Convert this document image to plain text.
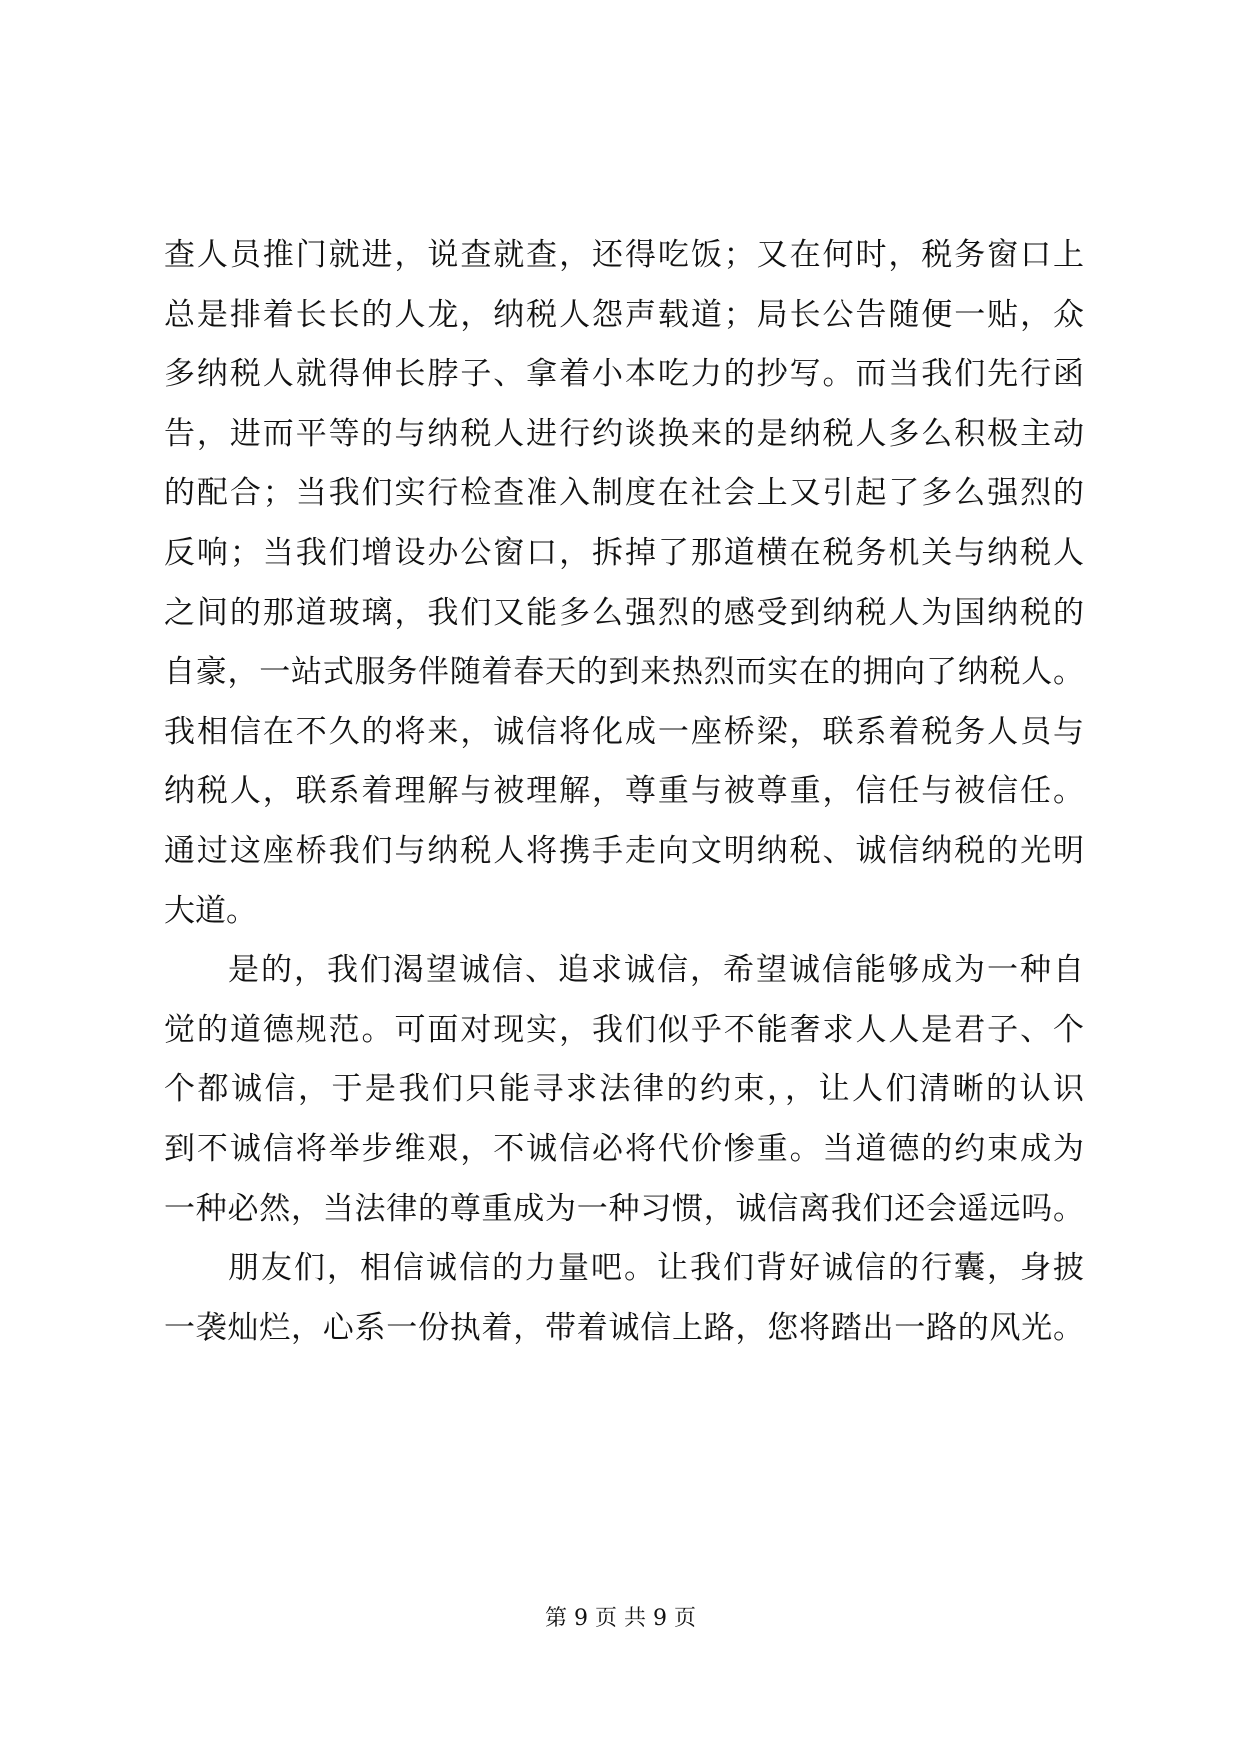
查人员推门就进，说查就查，还得吃饭；又在何时，税务窗口上
总是排着长长的人龙，纳税人怨声载道；局长公告随便一贴，众
多纳税人就得伸长脖子、拿着小本吃力的抄写。而当我们先行函
告，进而平等的与纳税人进行约谈换来的是纳税人多么积极主动
的配合；当我们实行检查准入制度在社会上又引起了多么强烈的
反响；当我们增设办公窗口，拆掉了那道横在税务机关与纳税人
之间的那道玻璃，我们又能多么强烈的感受到纳税人为国纳税的
自豪，一站式服务伴随着春天的到来热烈而实在的拥向了纳税人。
我相信在不久的将来，诚信将化成一座桥梁，联系着税务人员与
纳税人，联系着理解与被理解，尊重与被尊重，信任与被信任。
通过这座桥我们与纳税人将携手走向文明纳税、诚信纳税的光明
大道。
是的，我们渴望诚信、追求诚信，希望诚信能够成为一种自
觉的道德规范。可面对现实，我们似乎不能奢求人人是君子、个
个都诚信，于是我们只能寻求法律的约束，，让人们清晰的认识
到不诚信将举步维艰，不诚信必将代价惨重。当道德的约束成为
一种必然，当法律的尊重成为一种习惯，诚信离我们还会遥远吗。
朋友们，相信诚信的力量吧。让我们背好诚信的行囊，身披
一袭灿烂，心系一份执着，带着诚信上路，您将踏出一路的风光。
第 9 页 共 9 页
